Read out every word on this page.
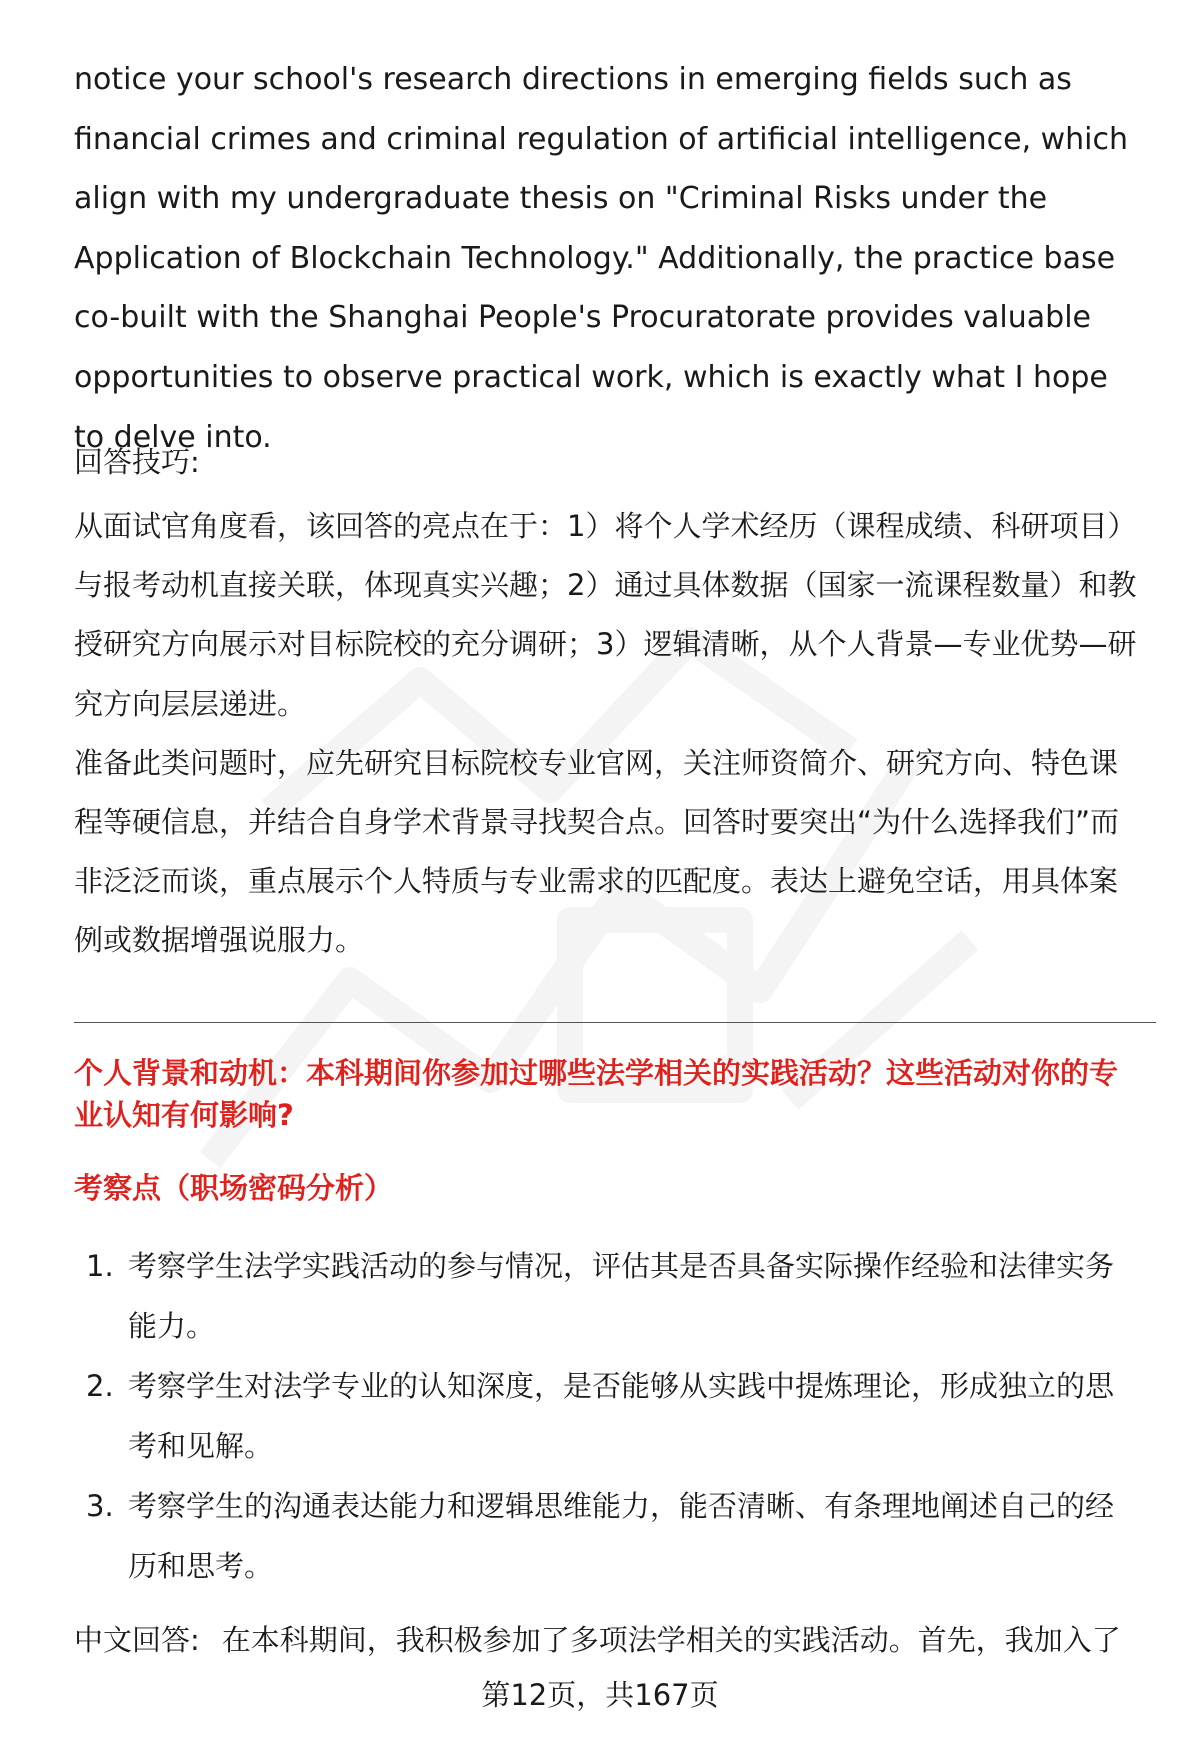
notice your school's research directions in emerging fields such as financial crimes and criminal regulation of artificial intelligence, which align with my undergraduate thesis on "Criminal Risks under the Application of Blockchain Technology." Additionally, the practice base co-built with the Shanghai People's Procuratorate provides valuable opportunities to observe practical work, which is exactly what I hope to delve into.

回答技巧:

从面试官角度看，该回答的亮点在于：1）将个人学术经历（课程成绩、科研项目）与报考动机直接关联，体现真实兴趣；2）通过具体数据（国家一流课程数量）和教授研究方向展示对目标院校的充分调研；3）逻辑清晰，从个人背景—专业优势—研究方向层层递进。
准备此类问题时，应先研究目标院校专业官网，关注师资简介、研究方向、特色课程等硬信息，并结合自身学术背景寻找契合点。回答时要突出“为什么选择我们”而非泛泛而谈，重点展示个人特质与专业需求的匹配度。表达上避免空话，用具体案例或数据增强说服力。

个人背景和动机：本科期间你参加过哪些法学相关的实践活动？这些活动对你的专业认知有何影响?

考察点（职场密码分析）

1. 考察学生法学实践活动的参与情况，评估其是否具备实际操作经验和法律实务能力。
2. 考察学生对法学专业的认知深度，是否能够从实践中提炼理论，形成独立的思考和见解。
3. 考察学生的沟通表达能力和逻辑思维能力，能否清晰、有条理地阐述自己的经历和思考。

中文回答: 在本科期间，我积极参加了多项法学相关的实践活动。首先，我加入了

第12页，共167页
